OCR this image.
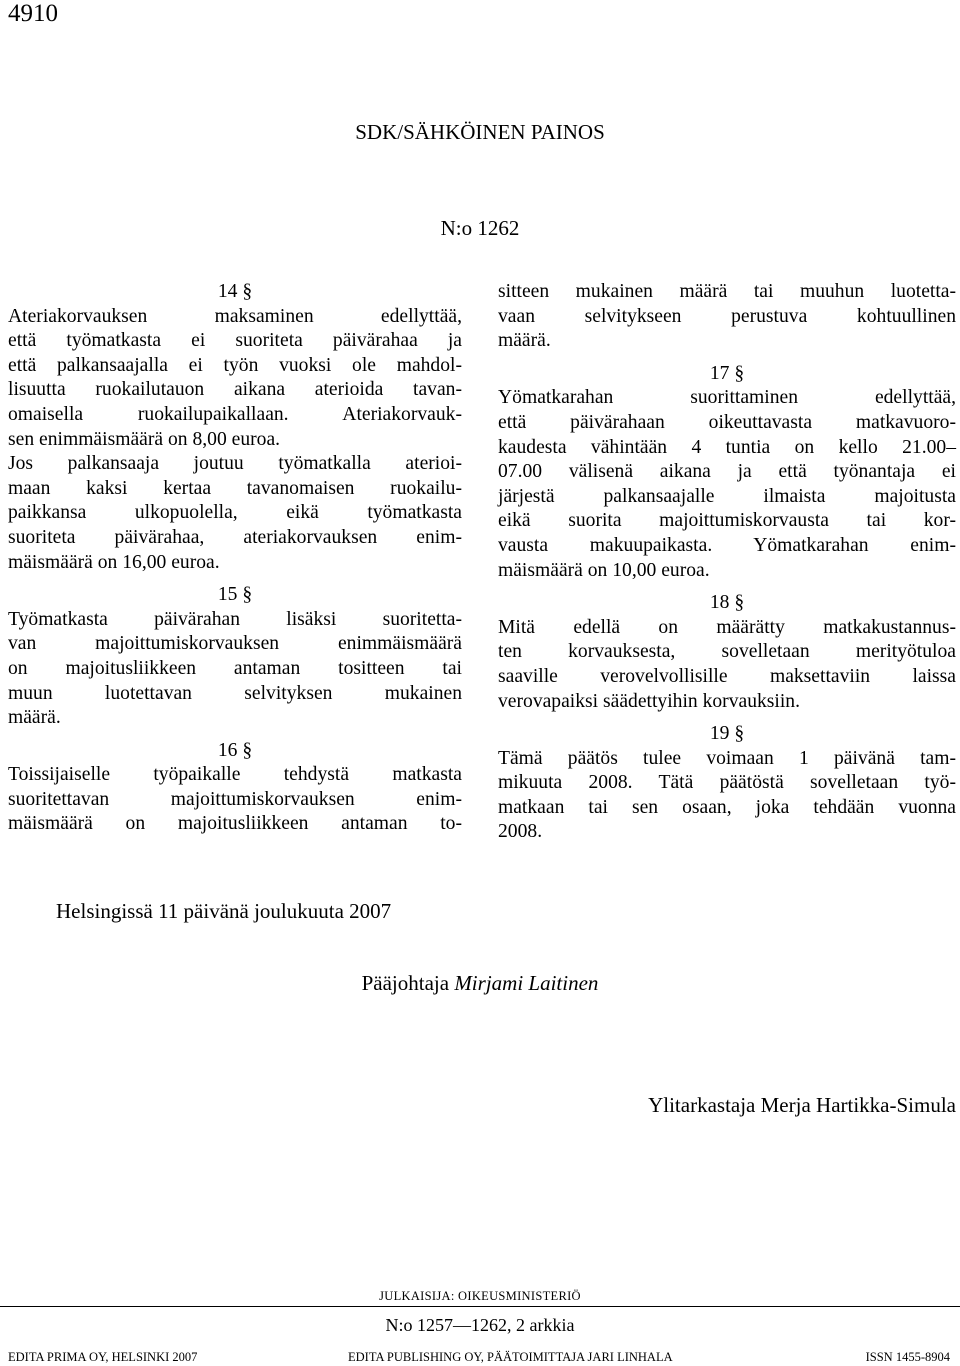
4910
SDK/SÄHKÖINEN PAINOS
N:o 1262

14 §

Ateriakorvauksen maksaminen edellyttää,
että työmatkasta ei suoriteta päivärahaa ja
että palkansaajalla ei työn vuoksi ole mahdol-
lisuutta ruokailutauon aikana aterioida tavan-
omaisella ruokailupaikallaan. Ateriakorvauk-
sen enimmäismäärä on 8,00 euroa.
Jos palkansaaja joutuu työmatkalla aterioi-
maan kaksi kertaa tavanomaisen ruokailu-
paikkansa ulkopuolella, eikä työmatkasta
suoriteta päivärahaa, ateriakorvauksen enim-
mäismäärä on 16,00 euroa.

15 §

Työmatkasta päivärahan lisäksi suoritetta-
van majoittumiskorvauksen enimmäismäärä
on majoitusliikkeen antaman tositteen tai
muun luotettavan selvityksen mukainen
määrä.

16 §

Toissijaiselle työpaikalle tehdystä matkasta
suoritettavan majoittumiskorvauksen enim-
mäismäärä on majoitusliikkeen antaman to-
sitteen mukainen määrä tai muuhun luotetta-
vaan selvitykseen perustuva kohtuullinen
määrä.

17 §

Yömatkarahan suorittaminen edellyttää,
että päivärahaan oikeuttavasta matkavuoro-
kaudesta vähintään 4 tuntia on kello 21.00–
07.00 välisenä aikana ja että työnantaja ei
järjestä palkansaajalle ilmaista majoitusta
eikä suorita majoittumiskorvausta tai kor-
vausta makuupaikasta. Yömatkarahan enim-
mäismäärä on 10,00 euroa.

18 §

Mitä edellä on määrätty matkakustannus-
ten korvauksesta, sovelletaan merityötuloa
saaville verovelvollisille maksettaviin laissa
verovapaiksi säädettyihin korvauksiin.

19 §

Tämä päätös tulee voimaan 1 päivänä tam-
mikuuta 2008. Tätä päätöstä sovelletaan työ-
matkaan tai sen osaan, joka tehdään vuonna
2008.
Helsingissä 11 päivänä joulukuuta 2007
Pääjohtaja Mirjami Laitinen
Ylitarkastaja Merja Hartikka-Simula
JULKAISIJA: OIKEUSMINISTERIÖ
N:o 1257—1262, 2 arkkia
EDITA PRIMA OY, HELSINKI 2007	EDITA PUBLISHING OY, PÄÄTOIMITTAJA JARI LINHALA	ISSN 1455-8904
